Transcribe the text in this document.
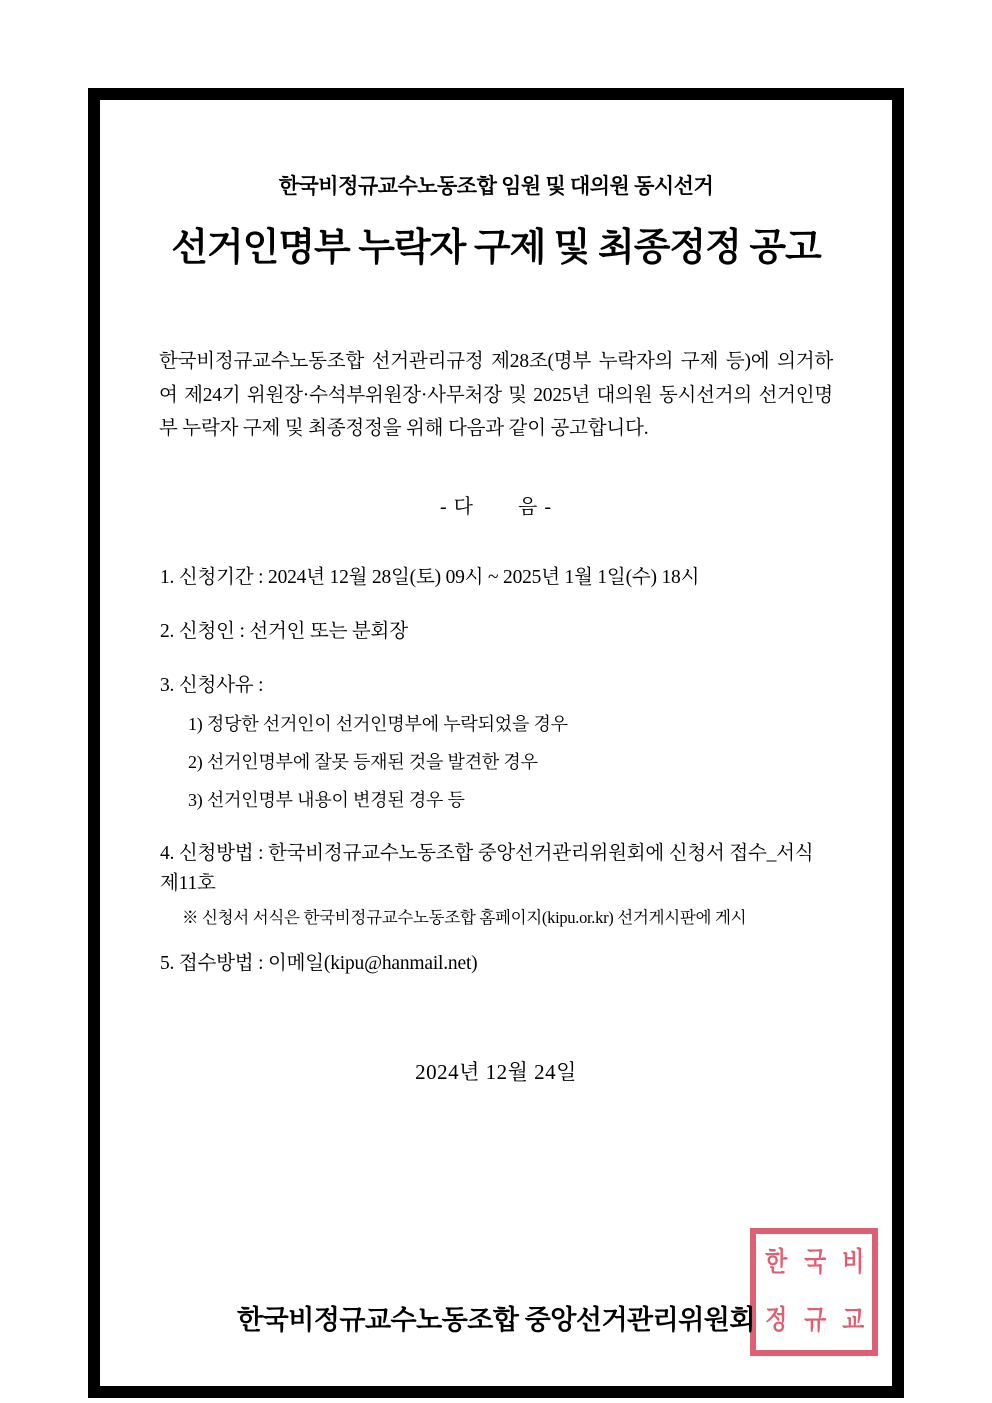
한국비정규교수노동조합 임원 및 대의원 동시선거
선거인명부 누락자 구제 및 최종정정 공고
한국비정규교수노동조합 선거관리규정 제28조(명부 누락자의 구제 등)에 의거하여 제24기 위원장·수석부위원장·사무처장 및 2025년 대의원 동시선거의 선거인명부 누락자 구제 및 최종정정을 위해 다음과 같이 공고합니다.
- 다 음 -
1. 신청기간 : 2024년 12월 28일(토) 09시 ~ 2025년 1월 1일(수) 18시
2. 신청인 : 선거인 또는 분회장
3. 신청사유 :
1) 정당한 선거인이 선거인명부에 누락되었을 경우
2) 선거인명부에 잘못 등재된 것을 발견한 경우
3) 선거인명부 내용이 변경된 경우 등
4. 신청방법 : 한국비정규교수노동조합 중앙선거관리위원회에 신청서 접수_서식 제11호
※ 신청서 서식은 한국비정규교수노동조합 홈페이지(kipu.or.kr) 선거게시판에 게시
5. 접수방법 : 이메일(kipu@hanmail.net)
2024년 12월 24일
한 국 비
정 규 교
한국비정규교수노동조합 중앙선거관리위원회
